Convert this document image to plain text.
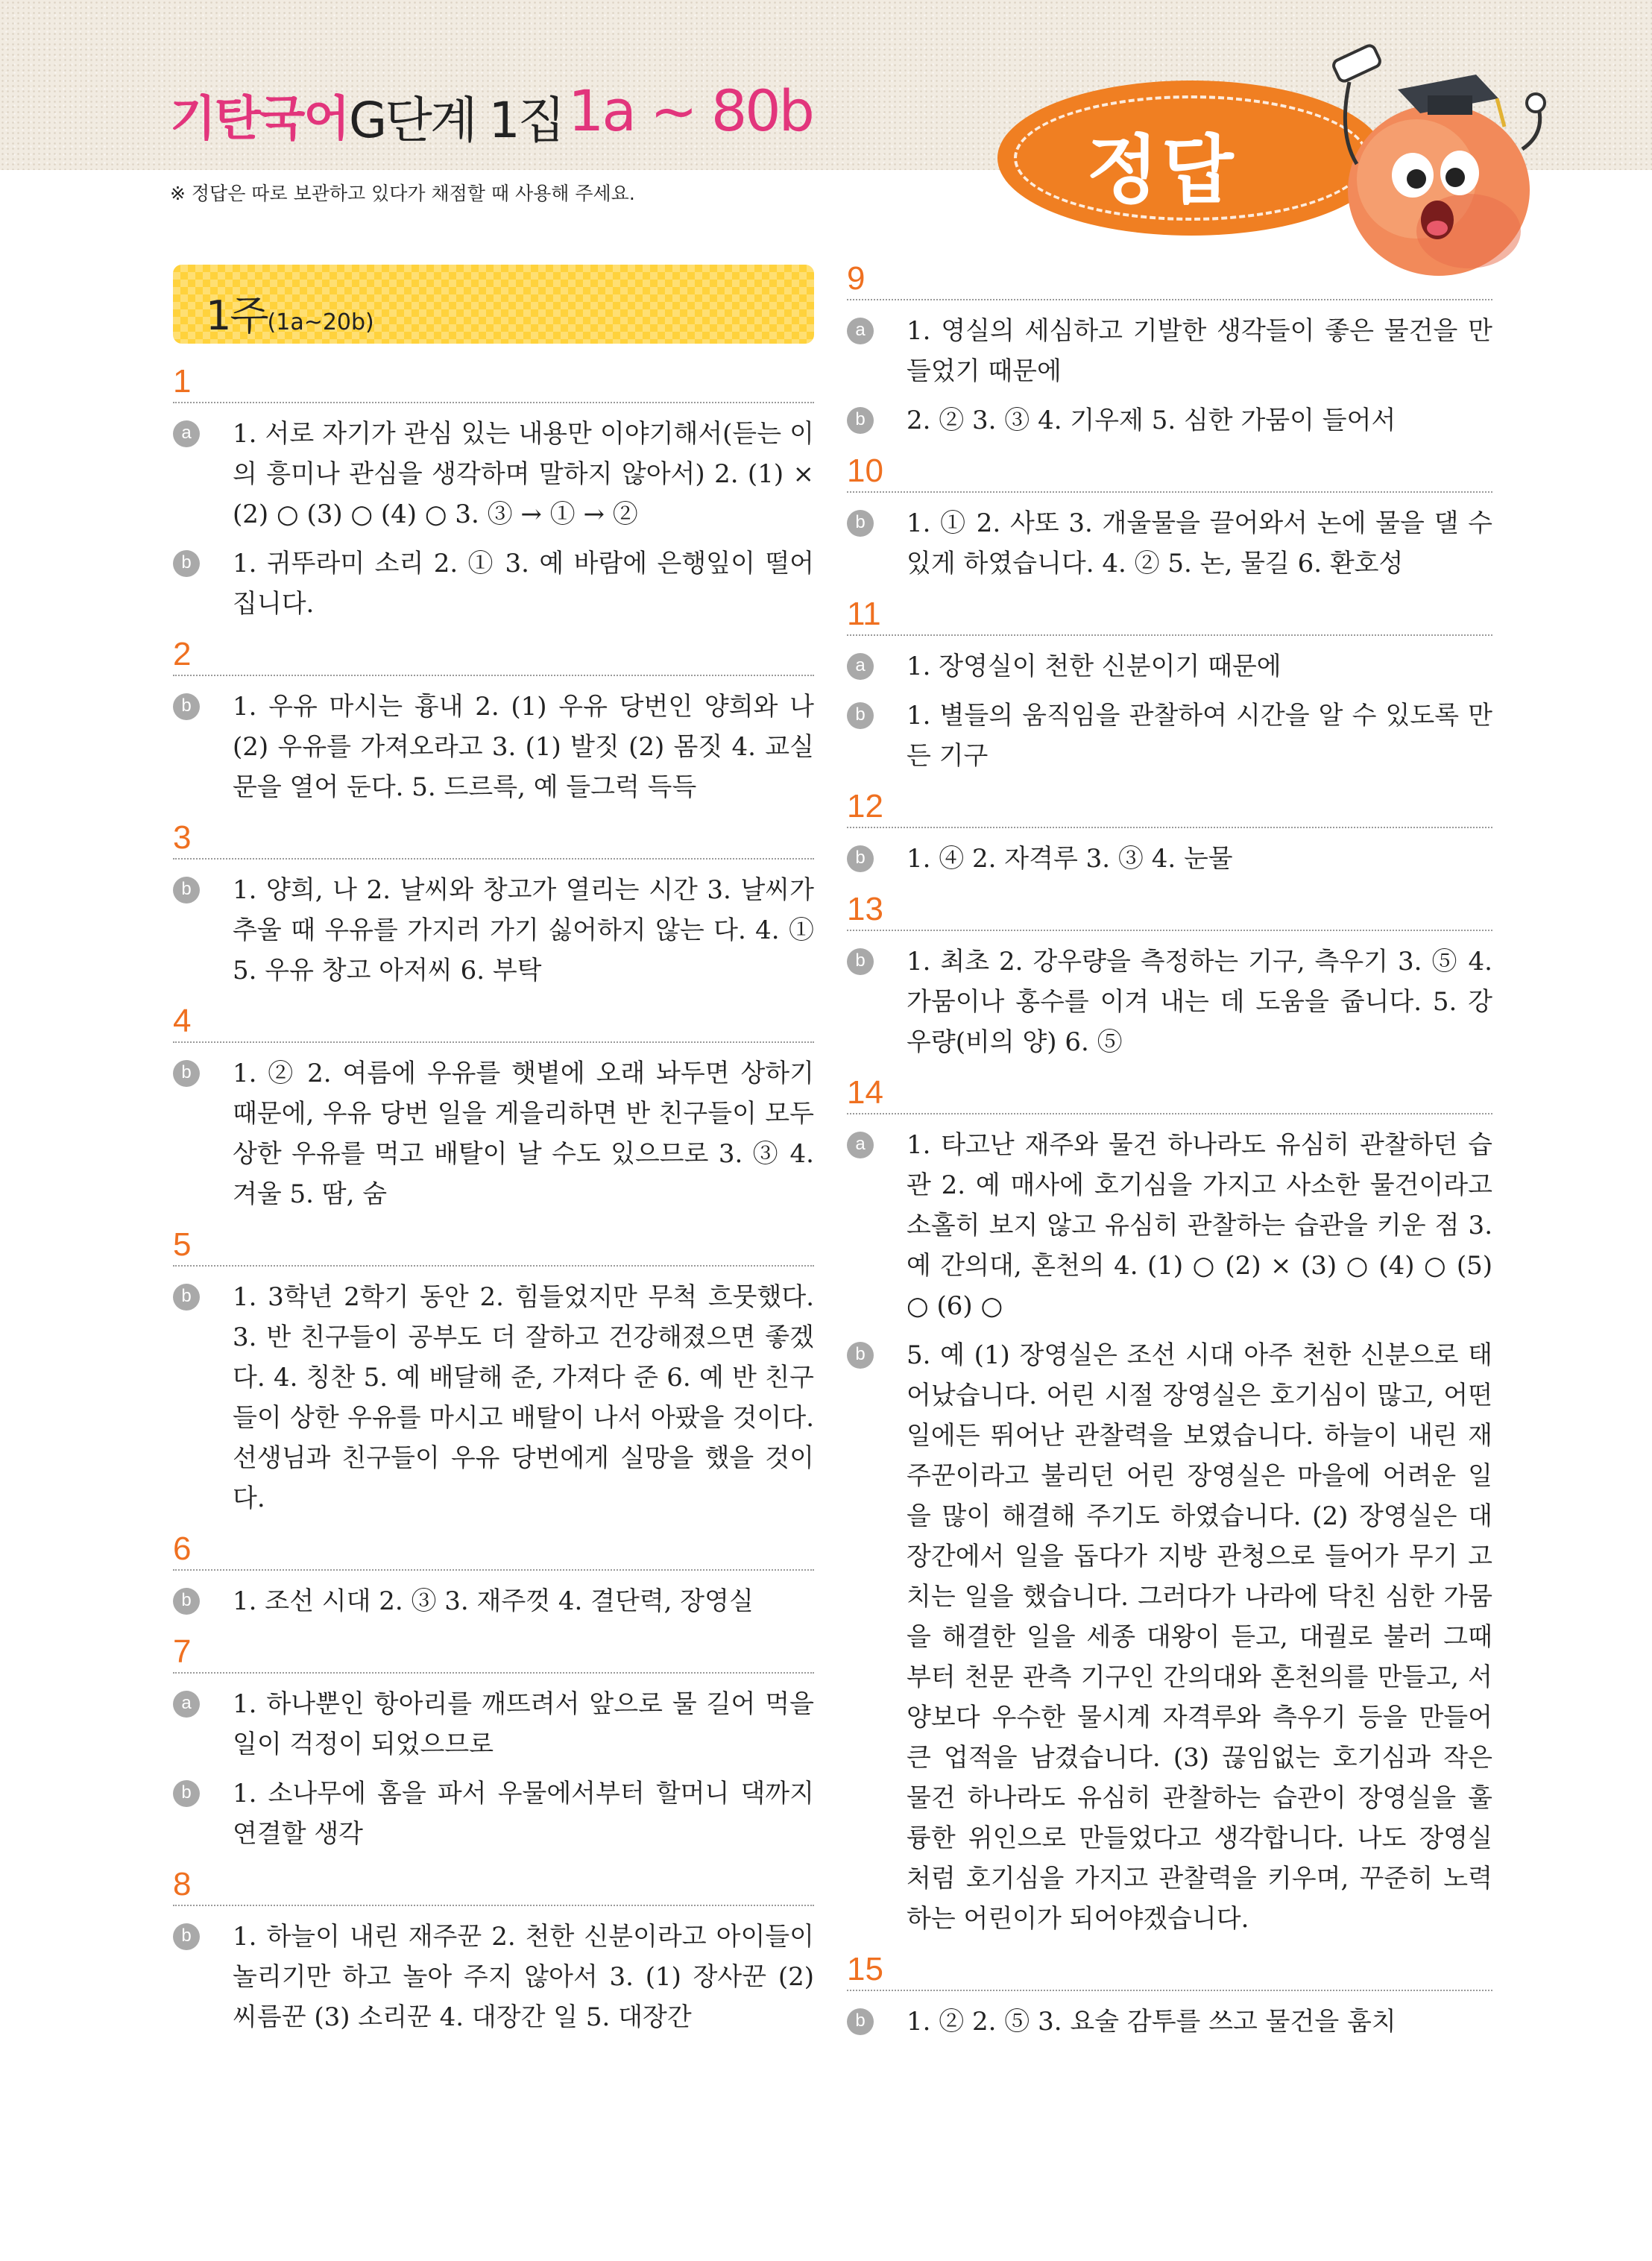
기탄국어 G단계 1집 1a ~ 80b
※ 정답은 따로 보관하고 있다가 채점할 때 사용해 주세요.	정답
1주(1a~20b)
1
a	1. 서로 자기가 관심 있는 내용만 이야기해서(듣는 이의 흥미나 관심을 생각하며 말하지 않아서) 2. (1) × (2) ○ (3) ○ (4) ○ 3. ③ → ① → ②
b	1. 귀뚜라미 소리 2. ① 3. 예 바람에 은행잎이 떨어집니다.
2
b	1. 우유 마시는 흉내 2. (1) 우유 당번인 양희와 나 (2) 우유를 가져오라고 3. (1) 발짓 (2) 몸짓 4. 교실 문을 열어 둔다. 5. 드르륵, 예 들그럭 득득
3
b	1. 양희, 나 2. 날씨와 창고가 열리는 시간 3. 날씨가 추울 때 우유를 가지러 가기 싫어하지 않는 다. 4. ① 5. 우유 창고 아저씨 6. 부탁
4
b	1. ② 2. 여름에 우유를 햇볕에 오래 놔두면 상하기 때문에, 우유 당번 일을 게을리하면 반 친구들이 모두 상한 우유를 먹고 배탈이 날 수도 있으므로 3. ③ 4. 겨울 5. 땀, 숨
5
b	1. 3학년 2학기 동안 2. 힘들었지만 무척 흐뭇했다. 3. 반 친구들이 공부도 더 잘하고 건강해졌으면 좋겠다. 4. 칭찬 5. 예 배달해 준, 가져다 준 6. 예 반 친구들이 상한 우유를 마시고 배탈이 나서 아팠을 것이다. 선생님과 친구들이 우유 당번에게 실망을 했을 것이다.
6
b	1. 조선 시대 2. ③ 3. 재주껏 4. 결단력, 장영실
7
a	1. 하나뿐인 항아리를 깨뜨려서 앞으로 물 길어 먹을 일이 걱정이 되었으므로
b	1. 소나무에 홈을 파서 우물에서부터 할머니 댁까지 연결할 생각
8
b	1. 하늘이 내린 재주꾼 2. 천한 신분이라고 아이들이 놀리기만 하고 놀아 주지 않아서 3. (1) 장사꾼 (2) 씨름꾼 (3) 소리꾼 4. 대장간 일 5. 대장간
9
a	1. 영실의 세심하고 기발한 생각들이 좋은 물건을 만들었기 때문에
b	2. ② 3. ③ 4. 기우제 5. 심한 가뭄이 들어서
10
b	1. ① 2. 사또 3. 개울물을 끌어와서 논에 물을 댈 수 있게 하였습니다. 4. ② 5. 논, 물길 6. 환호성
11
a	1. 장영실이 천한 신분이기 때문에
b	1. 별들의 움직임을 관찰하여 시간을 알 수 있도록 만든 기구
12
b	1. ④ 2. 자격루 3. ③ 4. 눈물
13
b	1. 최초 2. 강우량을 측정하는 기구, 측우기 3. ⑤ 4. 가뭄이나 홍수를 이겨 내는 데 도움을 줍니다. 5. 강우량(비의 양) 6. ⑤
14
a	1. 타고난 재주와 물건 하나라도 유심히 관찰하던 습관 2. 예 매사에 호기심을 가지고 사소한 물건이라고 소홀히 보지 않고 유심히 관찰하는 습관을 키운 점 3. 예 간의대, 혼천의 4. (1) ○ (2) × (3) ○ (4) ○ (5) ○ (6) ○
b	5. 예 (1) 장영실은 조선 시대 아주 천한 신분으로 태어났습니다. 어린 시절 장영실은 호기심이 많고, 어떤 일에든 뛰어난 관찰력을 보였습니다. 하늘이 내린 재주꾼이라고 불리던 어린 장영실은 마을에 어려운 일을 많이 해결해 주기도 하였습니다. (2) 장영실은 대장간에서 일을 돕다가 지방 관청으로 들어가 무기 고치는 일을 했습니다. 그러다가 나라에 닥친 심한 가뭄을 해결한 일을 세종 대왕이 듣고, 대궐로 불러 그때부터 천문 관측 기구인 간의대와 혼천의를 만들고, 서양보다 우수한 물시계 자격루와 측우기 등을 만들어 큰 업적을 남겼습니다. (3) 끊임없는 호기심과 작은 물건 하나라도 유심히 관찰하는 습관이 장영실을 훌륭한 위인으로 만들었다고 생각합니다. 나도 장영실처럼 호기심을 가지고 관찰력을 키우며, 꾸준히 노력하는 어린이가 되어야겠습니다.
15
b	1. ② 2. ⑤ 3. 요술 감투를 쓰고 물건을 훔치
